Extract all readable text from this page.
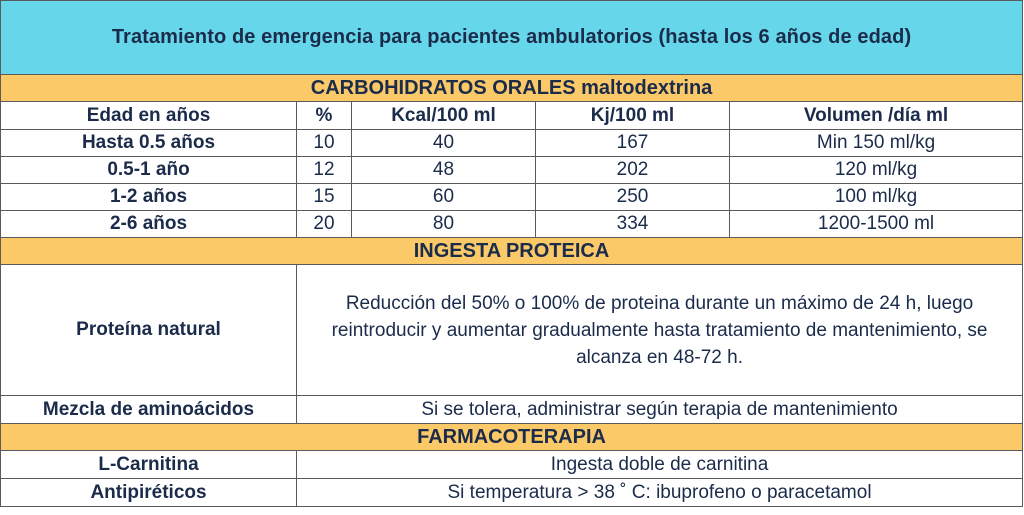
Tratamiento de emergencia para pacientes ambulatorios (hasta los 6 años de edad)				
CARBOHIDRATOS ORALES maltodextrina				
Edad en años	%	Kcal/100 ml	Kj/100 ml	Volumen /día ml
Hasta 0.5 años	10	40	167	Min 150 ml/kg
0.5-1 año	12	48	202	120 ml/kg
1-2 años	15	60	250	100 ml/kg
2-6 años	20	80	334	1200-1500 ml
INGESTA PROTEICA				
Proteína natural	Reducción del 50% o 100% de proteina durante un máximo de 24 h, luego reintroducir y aumentar gradualmente hasta tratamiento de mantenimiento, se alcanza en 48-72 h.			
Mezcla de aminoácidos	Si se tolera, administrar según terapia de mantenimiento			
FARMACOTERAPIA				
L-Carnitina	Ingesta doble de carnitina			
Antipiréticos	Si temperatura > 38 ˚ C: ibuprofeno o paracetamol			
